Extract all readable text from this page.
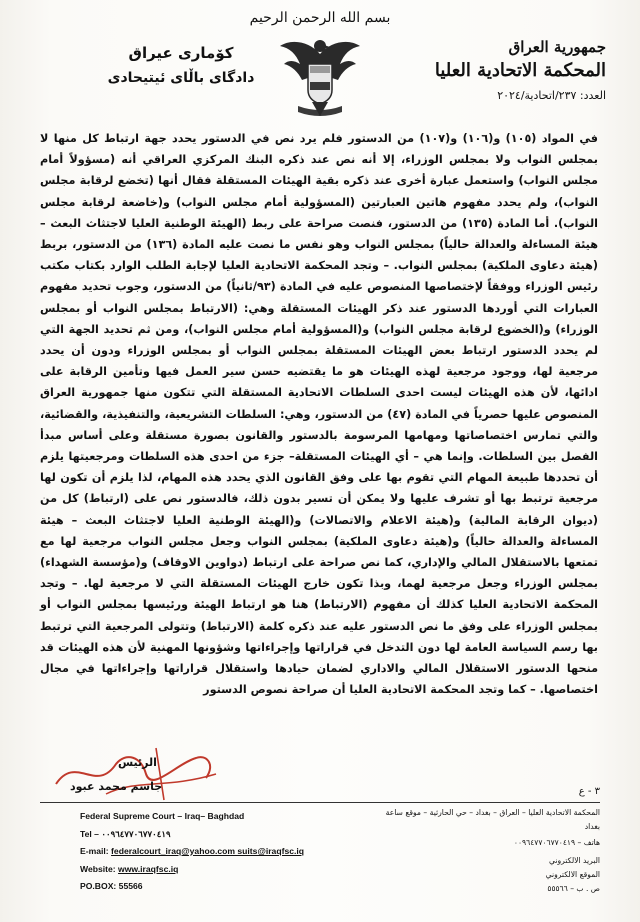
بسم الله الرحمن الرحيم
جمهورية العراق
المحكمة الاتحادية العليا
العدد: ٢٣٧/اتحادية/٢٠٢٤
كۆماری عیراق
دادگای باڵای ئیتیحادی

في المواد (١٠٥) و(١٠٦) و(١٠٧) من الدستور فلم يرد نص في الدستور يحدد جهة ارتباط كل منها لا بمجلس النواب ولا بمجلس الوزراء، إلا أنه نص عند ذكره البنك المركزي العراقي أنه (مسؤولاً أمام مجلس النواب) واستعمل عبارة أخرى عند ذكره بقية الهيئات المستقلة فقال أنها (تخضع لرقابة مجلس النواب)، ولم يحدد مفهوم هاتين العبارتين (المسؤولية أمام مجلس النواب) و(خاضعة لرقابة مجلس النواب). أما المادة (١٣٥) من الدستور، فنصت صراحة على ربط (الهيئة الوطنية العليا لاجتثاث البعث – هيئة المساءلة والعدالة حالياً) بمجلس النواب وهو نفس ما نصت عليه المادة (١٣٦) من الدستور، بربط (هيئة دعاوى الملكية) بمجلس النواب. – وتجد المحكمة الاتحادية العليا لإجابة الطلب الوارد بكتاب مكتب رئيس الوزراء ووفقاً لإختصاصها المنصوص عليه في المادة (٩٣/ثانياً) من الدستور، وجوب تحديد مفهوم العبارات التي أوردها الدستور عند ذكر الهيئات المستقلة وهي: (الارتباط بمجلس النواب أو بمجلس الوزراء) و(الخضوع لرقابة مجلس النواب) و(المسؤولية أمام مجلس النواب)، ومن ثم تحديد الجهة التي لم يحدد الدستور ارتباط بعض الهيئات المستقلة بمجلس النواب أو بمجلس الوزراء ودون أن يحدد مرجعية لها، ووجود مرجعية لهذه الهيئات هو ما يقتضيه حسن سير العمل فيها وتأمين الرقابة على ادائها، لأن هذه الهيئات ليست احدى السلطات الاتحادية المستقلة التي تتكون منها جمهورية العراق المنصوص عليها حصرياً في المادة (٤٧) من الدستور، وهي: السلطات التشريعية، والتنفيذية، والقضائية، والتي تمارس اختصاصاتها ومهامها المرسومة بالدستور والقانون بصورة مستقلة وعلى أساس مبدأ الفصل بين السلطات. وإنما هي – أي الهيئات المستقلة– جزء من احدى هذه السلطات ومرجعيتها يلزم أن تحددها طبيعة المهام التي تقوم بها على وفق القانون الذي يحدد هذه المهام، لذا يلزم أن تكون لها مرجعية ترتبط بها أو تشرف عليها ولا يمكن أن تسير بدون ذلك، فالدستور نص على (ارتباط) كل من (ديوان الرقابة المالية) و(هيئة الاعلام والاتصالات) و(الهيئة الوطنية العليا لاجتثاث البعث – هيئة المساءلة والعدالة حالياً) و(هيئة دعاوى الملكية) بمجلس النواب وجعل مجلس النواب مرجعية لها مع تمتعها بالاستقلال المالي والإداري، كما نص صراحة على ارتباط (دواوين الاوقاف) و(مؤسسة الشهداء) بمجلس الوزراء وجعل مرجعية لهما، وبذا تكون خارج الهيئات المستقلة التي لا مرجعية لها. – وتجد المحكمة الاتحادية العليا كذلك أن مفهوم (الارتباط) هنا هو ارتباط الهيئة ورئيسها بمجلس النواب أو بمجلس الوزراء على وفق ما نص الدستور عليه عند ذكره كلمة (الارتباط) وتتولى المرجعية التي ترتبط بها رسم السياسة العامة لها دون التدخل في قراراتها وإجراءاتها وشؤونها المهنية لأن هذه الهيئات قد منحها الدستور الاستقلال المالي والاداري لضمان حيادها واستقلال قراراتها وإجراءاتها في مجال اختصاصها. – كما وتجد المحكمة الاتحادية العليا أن صراحة نصوص الدستور

الرئيس
جاسم محمد عبود	٣ - ع
Federal Supreme Court – Iraq– Baghdad
Tel – ٠٠٩٦٤٧٧٠٦٧٧٠٤١٩
E-mail: federalcourt_iraq@yahoo.com suits@iraqfsc.iq
Website: www.iraqfsc.iq
PO.BOX: 55566
المحكمة الاتحادية العليا – العراق – بغداد – حي الحارثية – موقع ساعة بغداد
هاتف – ٠٠٩٦٤٧٧٠٦٧٧٠٤١٩
البريد الالكتروني
الموقع الالكتروني
ص . ب – ٥٥٥٦٦
